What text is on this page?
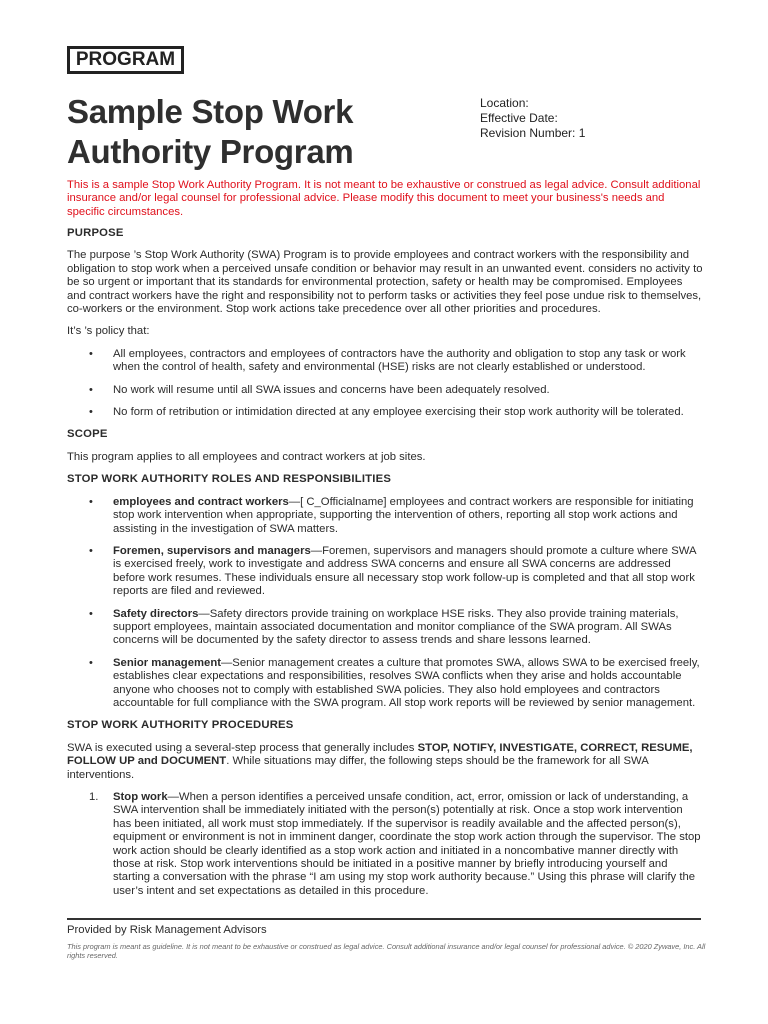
PROGRAM
Sample Stop Work Authority Program
Location:
Effective Date:
Revision Number: 1

This is a sample Stop Work Authority Program. It is not meant to be exhaustive or construed as legal advice. Consult additional insurance and/or legal counsel for professional advice. Please modify this document to meet your business's needs and specific circumstances.

PURPOSE

The purpose ’s Stop Work Authority (SWA) Program is to provide employees and contract workers with the responsibility and obligation to stop work when a perceived unsafe condition or behavior may result in an unwanted event. considers no activity to be so urgent or important that its standards for environmental protection, safety or health may be compromised. Employees and contract workers have the right and responsibility not to perform tasks or activities they feel pose undue risk to themselves, co-workers or the environment. Stop work actions take precedence over all other priorities and procedures.

It’s ’s policy that:

• All employees, contractors and employees of contractors have the authority and obligation to stop any task or work when the control of health, safety and environmental (HSE) risks are not clearly established or understood.
• No work will resume until all SWA issues and concerns have been adequately resolved.
• No form of retribution or intimidation directed at any employee exercising their stop work authority will be tolerated.
SCOPE

This program applies to all employees and contract workers at job sites.

STOP WORK AUTHORITY ROLES AND RESPONSIBILITIES
• employees and contract workers—[ C_Officialname] employees and contract workers are responsible for initiating stop work intervention when appropriate, supporting the intervention of others, reporting all stop work actions and assisting in the investigation of SWA matters.
• Foremen, supervisors and managers—Foremen, supervisors and managers should promote a culture where SWA is exercised freely, work to investigate and address SWA concerns and ensure all SWA concerns are addressed before work resumes. These individuals ensure all necessary stop work follow-up is completed and that all stop work reports are filed and reviewed.
• Safety directors—Safety directors provide training on workplace HSE risks. They also provide training materials, support employees, maintain associated documentation and monitor compliance of the SWA program. All SWAs concerns will be documented by the safety director to assess trends and share lessons learned.
• Senior management—Senior management creates a culture that promotes SWA, allows SWA to be exercised freely, establishes clear expectations and responsibilities, resolves SWA conflicts when they arise and holds accountable anyone who chooses not to comply with established SWA policies. They also hold employees and contractors accountable for full compliance with the SWA program. All stop work reports will be reviewed by senior management.
STOP WORK AUTHORITY PROCEDURES

SWA is executed using a several-step process that generally includes STOP, NOTIFY, INVESTIGATE, CORRECT, RESUME, FOLLOW UP and DOCUMENT. While situations may differ, the following steps should be the framework for all SWA interventions.

1. Stop work—When a person identifies a perceived unsafe condition, act, error, omission or lack of understanding, a SWA intervention shall be immediately initiated with the person(s) potentially at risk. Once a stop work intervention has been initiated, all work must stop immediately. If the supervisor is readily available and the affected person(s), equipment or environment is not in imminent danger, coordinate the stop work action through the supervisor. The stop work action should be clearly identified as a stop work action and initiated in a noncombative manner directly with those at risk. Stop work interventions should be initiated in a positive manner by briefly introducing yourself and starting a conversation with the phrase “I am using my stop work authority because.” Using this phrase will clarify the user’s intent and set expectations as detailed in this procedure.
Provided by Risk Management Advisors
This program is meant as guideline. It is not meant to be exhaustive or construed as legal advice. Consult additional insurance and/or legal counsel for professional advice. © 2020 Zywave, Inc. All rights reserved.
